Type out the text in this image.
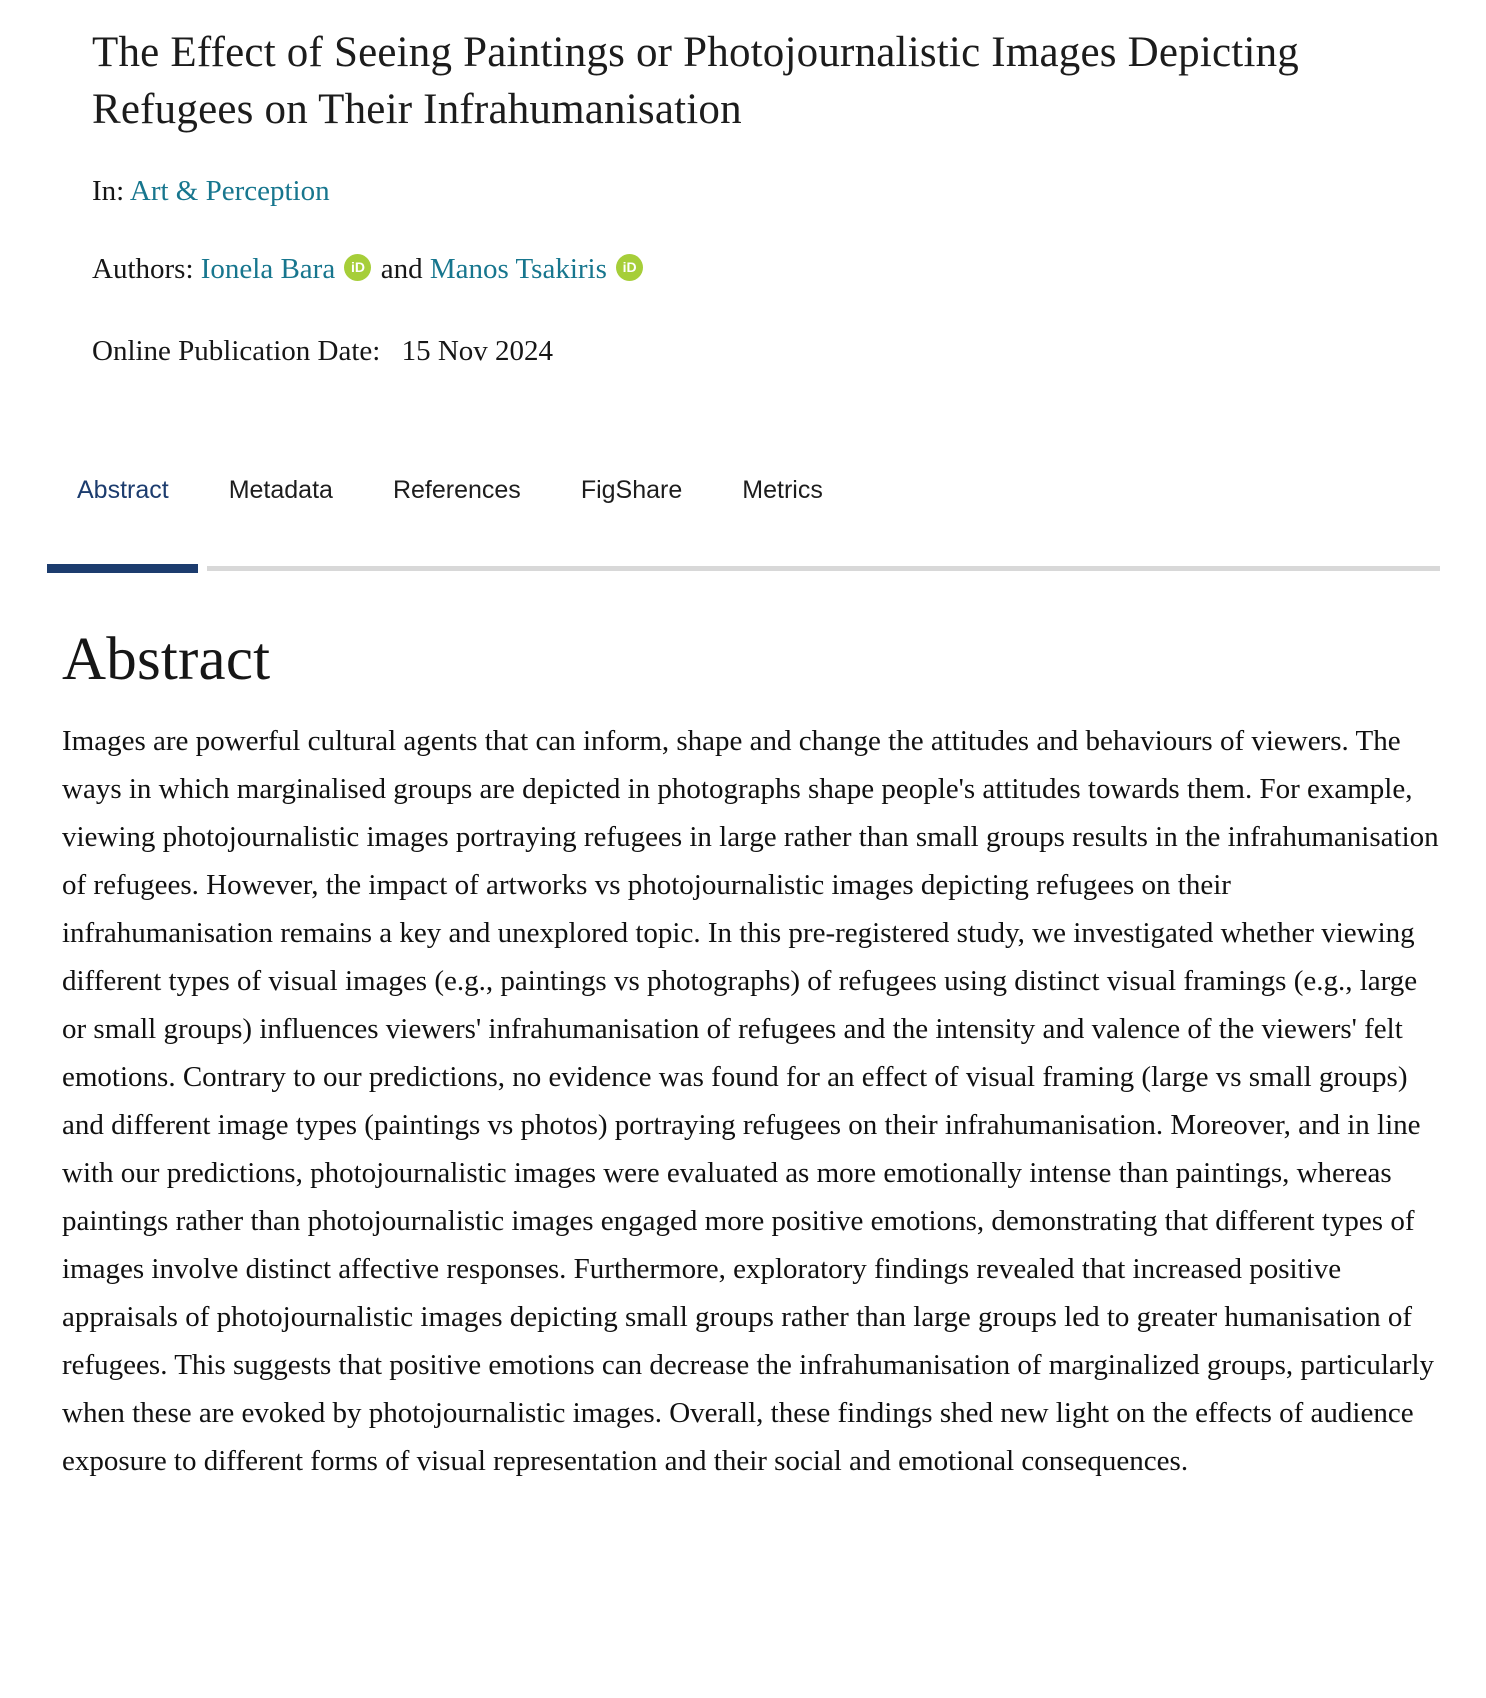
The Effect of Seeing Paintings or Photojournalistic Images Depicting Refugees on Their Infrahumanisation
In: Art & Perception
Authors: Ionela Bara iD and Manos Tsakiris iD
Online Publication Date: 15 Nov 2024
Abstract Metadata References FigShare Metrics
Abstract

Images are powerful cultural agents that can inform, shape and change the attitudes and behaviours of viewers. The ways in which marginalised groups are depicted in photographs shape people's attitudes towards them. For example, viewing photojournalistic images portraying refugees in large rather than small groups results in the infrahumanisation of refugees. However, the impact of artworks vs photojournalistic images depicting refugees on their infrahumanisation remains a key and unexplored topic. In this pre-registered study, we investigated whether viewing different types of visual images (e.g., paintings vs photographs) of refugees using distinct visual framings (e.g., large or small groups) influences viewers' infrahumanisation of refugees and the intensity and valence of the viewers' felt emotions. Contrary to our predictions, no evidence was found for an effect of visual framing (large vs small groups) and different image types (paintings vs photos) portraying refugees on their infrahumanisation. Moreover, and in line with our predictions, photojournalistic images were evaluated as more emotionally intense than paintings, whereas paintings rather than photojournalistic images engaged more positive emotions, demonstrating that different types of images involve distinct affective responses. Furthermore, exploratory findings revealed that increased positive appraisals of photojournalistic images depicting small groups rather than large groups led to greater humanisation of refugees. This suggests that positive emotions can decrease the infrahumanisation of marginalized groups, particularly when these are evoked by photojournalistic images. Overall, these findings shed new light on the effects of audience exposure to different forms of visual representation and their social and emotional consequences.
